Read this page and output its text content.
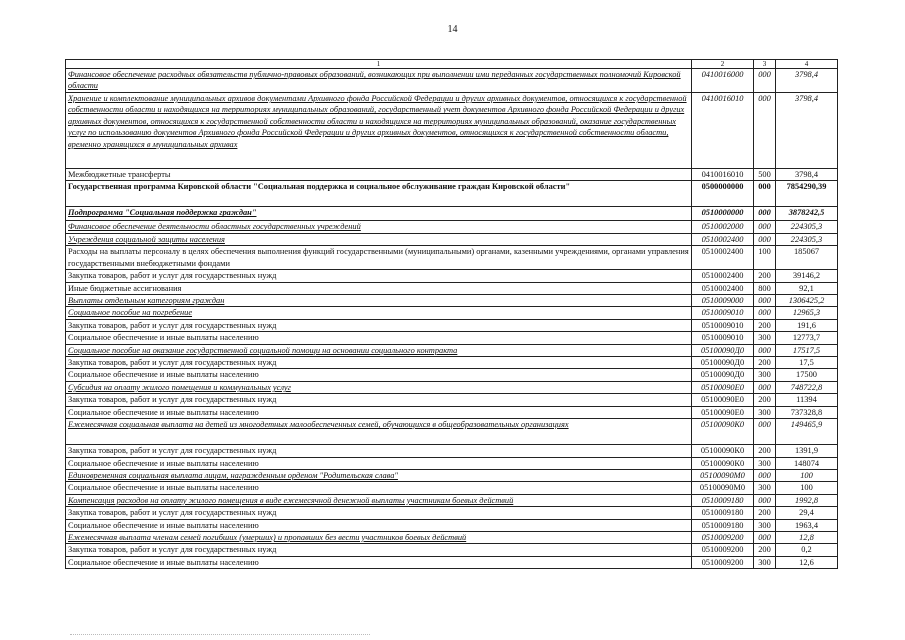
14
1	2	3	4
Финансовое обеспечение расходных обязательств публично-правовых образований, возникающих при выполнении ими переданных государственных полномочий Кировской области	0410016000	000	3798,4
Хранение и комплектование муниципальных архивов документами Архивного фонда Российской Федерации и других архивных документов, относящихся к государственной собственности области и находящихся на территориях муниципальных образований, государственный учет документов Архивного фонда Российской Федерации и других архивных документов, относящихся к государственной собственности области и находящихся на территориях муниципальных образований, оказание государственных услуг по использованию документов Архивного фонда Российской Федерации и других архивных документов, относящихся к государственной собственности области, временно хранящихся в муниципальных архивах	0410016010	000	3798,4
Межбюджетные трансферты	0410016010	500	3798,4
Государственная программа Кировской области "Социальная поддержка и социальное обслуживание граждан Кировской области"	0500000000	000	7854290,39
Подпрограмма "Социальная поддержка граждан"	0510000000	000	3878242,5
Финансовое обеспечение деятельности областных государственных учреждений	0510002000	000	224305,3
Учреждения социальной защиты населения	0510002400	000	224305,3
Расходы на выплаты персоналу в целях обеспечения выполнения функций государственными (муниципальными) органами, казенными учреждениями, органами управления государственными внебюджетными фондами	0510002400	100	185067
Закупка товаров, работ и услуг для государственных нужд	0510002400	200	39146,2
Иные бюджетные ассигнования	0510002400	800	92,1
Выплаты отдельным категориям граждан	0510009000	000	1306425,2
Социальное пособие на погребение	0510009010	000	12965,3
Закупка товаров, работ и услуг для государственных нужд	0510009010	200	191,6
Социальное обеспечение и иные выплаты населению	0510009010	300	12773,7
Социальное пособие на оказание государственной социальной помощи на основании социального контракта	05100090Д0	000	17517,5
Закупка товаров, работ и услуг для государственных нужд	05100090Д0	200	17,5
Социальное обеспечение и иные выплаты населению	05100090Д0	300	17500
Субсидия на оплату жилого помещения и коммунальных услуг	05100090Е0	000	748722,8
Закупка товаров, работ и услуг для государственных нужд	05100090Е0	200	11394
Социальное обеспечение и иные выплаты населению	05100090Е0	300	737328,8
Ежемесячная социальная выплата на детей из многодетных малообеспеченных семей, обучающихся в общеобразовательных организациях	05100090К0	000	149465,9
Закупка товаров, работ и услуг для государственных нужд	05100090К0	200	1391,9
Социальное обеспечение и иные выплаты населению	05100090К0	300	148074
Единовременная социальная выплата лицам, награжденным орденом "Родительская слава"	05100090М0	000	100
Социальное обеспечение и иные выплаты населению	05100090М0	300	100
Компенсация расходов на оплату жилого помещения в виде ежемесячной денежной выплаты участникам боевых действий	0510009180	000	1992,8
Закупка товаров, работ и услуг для государственных нужд	0510009180	200	29,4
Социальное обеспечение и иные выплаты населению	0510009180	300	1963,4
Ежемесячная выплата членам семей погибших (умерших) и пропавших без вести участников боевых действий	0510009200	000	12,8
Закупка товаров, работ и услуг для государственных нужд	0510009200	200	0,2
Социальное обеспечение и иные выплаты населению	0510009200	300	12,6
